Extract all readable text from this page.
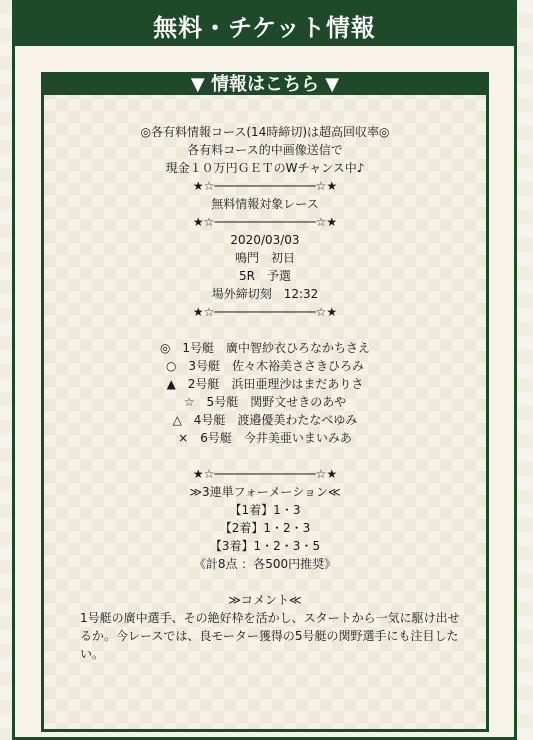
無料・チケット情報
▼ 情報はこちら ▼
◎各有料情報コース(14時締切)は超高回収率◎
各有料コース的中画像送信で
現金１０万円ＧＥＴのWチャンス中♪
★☆──────────────☆★
無料情報対象レース
★☆──────────────☆★
2020/03/03
鳴門　初日
5R　予選
場外締切刻　12:32
★☆──────────────☆★
◎　1号艇　廣中智紗衣ひろなかちさえ
○　3号艇　佐々木裕美ささきひろみ
▲　2号艇　浜田亜理沙はまだありさ
☆　5号艇　関野文せきのあや
△　4号艇　渡邉優美わたなべゆみ
×　6号艇　今井美亜いまいみあ
★☆──────────────☆★
≫3連単フォーメーション≪
【1着】1・3
【2着】1・2・3
【3着】1・2・3・5
《計8点 ：各500円推奨》
≫コメント≪
1号艇の廣中選手、その絶好枠を活かし、スタートから一気に駆け出せるか。今レースでは、良モーター獲得の5号艇の関野選手にも注目したい。
